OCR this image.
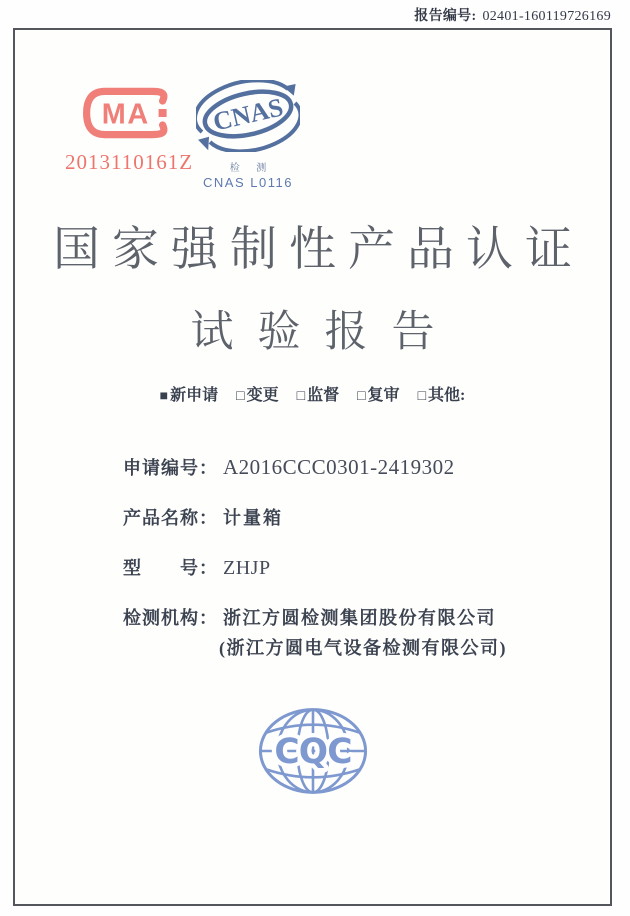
报告编号: 02401-160119726169
MA
2013110161Z
CNAS
检 测
CNAS L0116
国家强制性产品认证
试验报告
■ 新申请 □ 变更 □ 监督 □ 复审 □ 其他:
申请编号： A2016CCC0301-2419302
产品名称： 计量箱
型　　号： ZHJP
检测机构： 浙江方圆检测集团股份有限公司
(浙江方圆电气设备检测有限公司)
CQC
